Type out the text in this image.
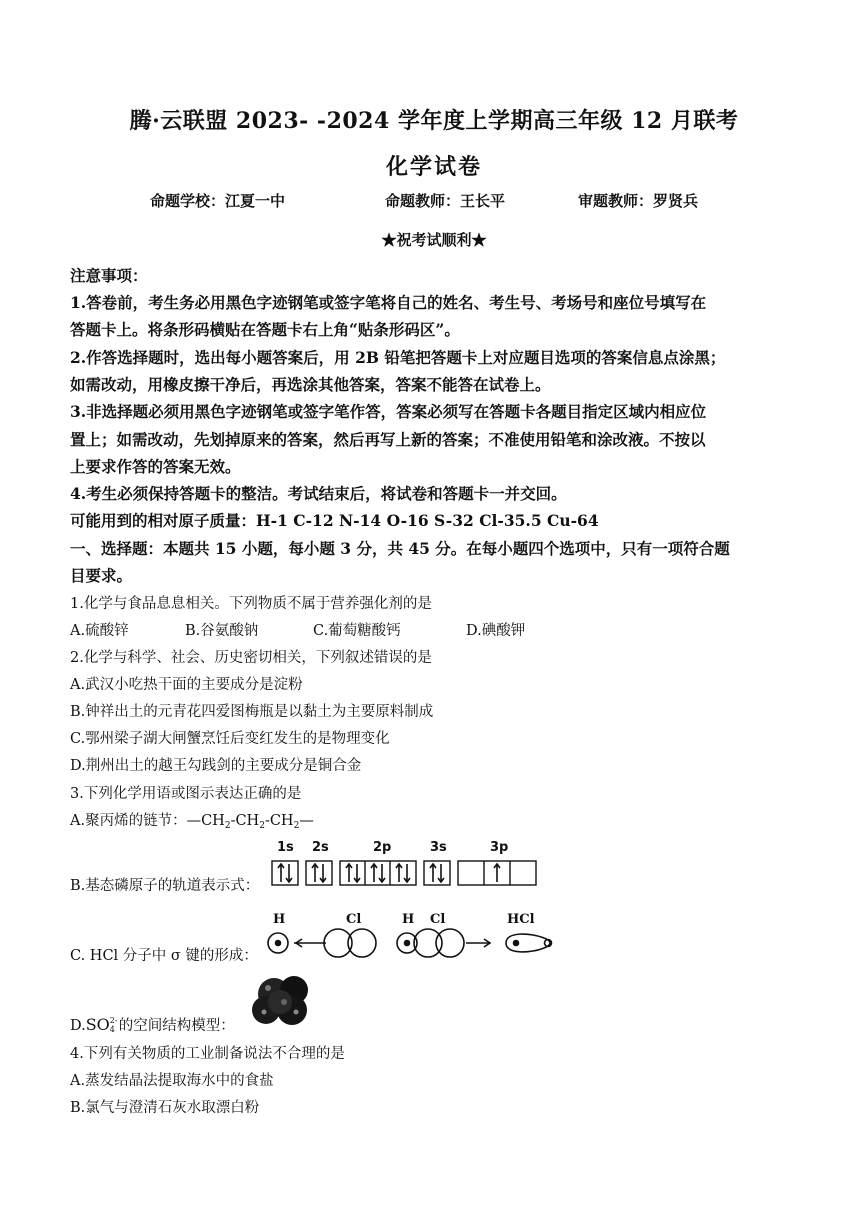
腾·云联盟 2023- -2024 学年度上学期高三年级 12 月联考
化学试卷
命题学校：江夏一中	命题教师：王长平	审题教师：罗贤兵
★祝考试顺利★
注意事项：
1.答卷前，考生务必用黑色字迹钢笔或签字笔将自己的姓名、考生号、考场号和座位号填写在
答题卡上。将条形码横贴在答题卡右上角“贴条形码区”。
2.作答选择题时，选出每小题答案后，用 2B 铅笔把答题卡上对应题目选项的答案信息点涂黑；
如需改动，用橡皮擦干净后，再选涂其他答案，答案不能答在试卷上。
3.非选择题必须用黑色字迹钢笔或签字笔作答，答案必须写在答题卡各题目指定区域内相应位
置上；如需改动，先划掉原来的答案，然后再写上新的答案；不准使用铅笔和涂改液。不按以
上要求作答的答案无效。
4.考生必须保持答题卡的整洁。考试结束后，将试卷和答题卡一并交回。
可能用到的相对原子质量：H-1 C-12 N-14 O-16 S-32 Cl-35.5 Cu-64
一、选择题：本题共 15 小题，每小题 3 分，共 45 分。在每小题四个选项中，只有一项符合题
目要求。
1.化学与食品息息相关。下列物质不属于营养强化剂的是
A.硫酸锌	B.谷氨酸钠	C.葡萄糖酸钙	D.碘酸钾
2.化学与科学、社会、历史密切相关，下列叙述错误的是
A.武汉小吃热干面的主要成分是淀粉
B.钟祥出土的元青花四爱图梅瓶是以黏土为主要原料制成
C.鄂州梁子湖大闸蟹烹饪后变红发生的是物理变化
D.荆州出土的越王勾践剑的主要成分是铜合金
3.下列化学用语或图示表达正确的是
A.聚丙烯的链节：$—CH_2-CH_2-CH_2—$
1s 2s	2p	3s	3p
B.基态磷原子的轨道表示式：
H	Cl	H Cl	HCl
C. HCl 分子中 σ 键的形成：
D.SO 2-
4 的空间结构模型：
4.下列有关物质的工业制备说法不合理的是
A.蒸发结晶法提取海水中的食盐
B.氯气与澄清石灰水取漂白粉
